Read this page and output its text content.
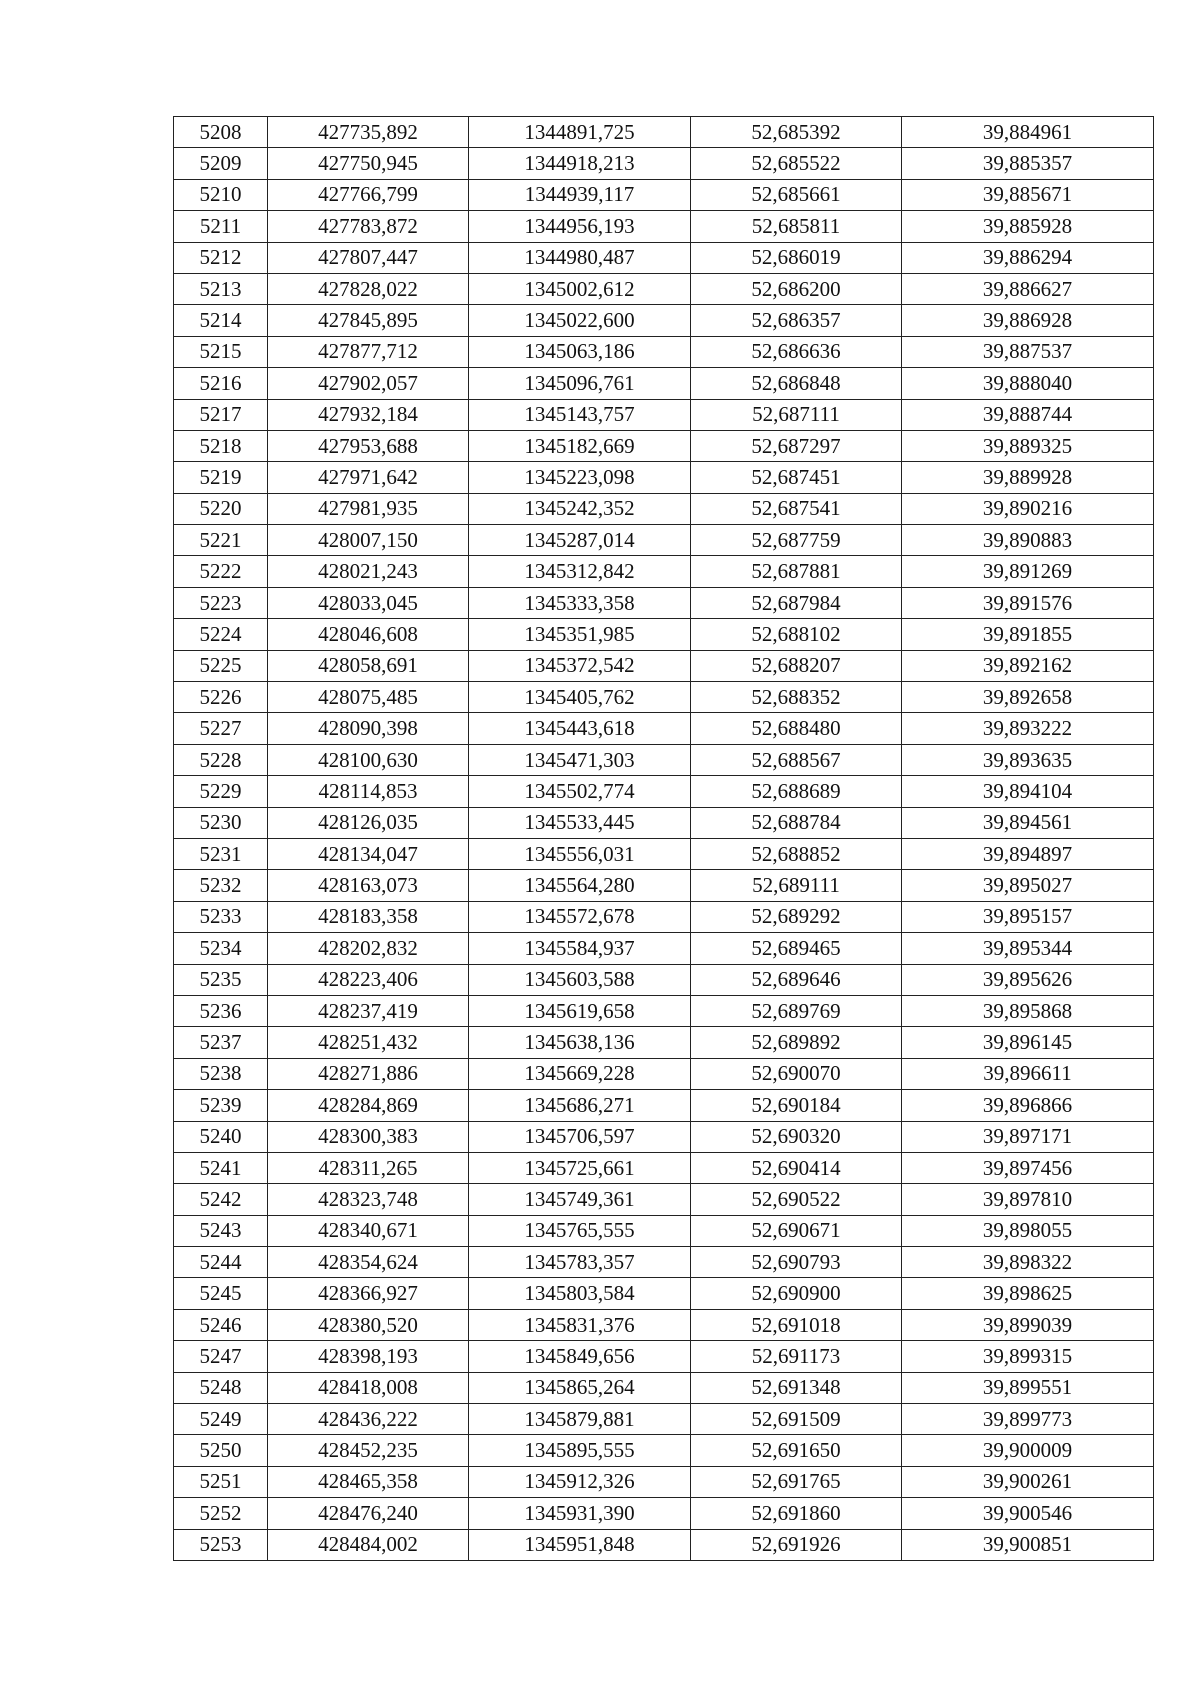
5208	427735,892	1344891,725	52,685392	39,884961
5209	427750,945	1344918,213	52,685522	39,885357
5210	427766,799	1344939,117	52,685661	39,885671
5211	427783,872	1344956,193	52,685811	39,885928
5212	427807,447	1344980,487	52,686019	39,886294
5213	427828,022	1345002,612	52,686200	39,886627
5214	427845,895	1345022,600	52,686357	39,886928
5215	427877,712	1345063,186	52,686636	39,887537
5216	427902,057	1345096,761	52,686848	39,888040
5217	427932,184	1345143,757	52,687111	39,888744
5218	427953,688	1345182,669	52,687297	39,889325
5219	427971,642	1345223,098	52,687451	39,889928
5220	427981,935	1345242,352	52,687541	39,890216
5221	428007,150	1345287,014	52,687759	39,890883
5222	428021,243	1345312,842	52,687881	39,891269
5223	428033,045	1345333,358	52,687984	39,891576
5224	428046,608	1345351,985	52,688102	39,891855
5225	428058,691	1345372,542	52,688207	39,892162
5226	428075,485	1345405,762	52,688352	39,892658
5227	428090,398	1345443,618	52,688480	39,893222
5228	428100,630	1345471,303	52,688567	39,893635
5229	428114,853	1345502,774	52,688689	39,894104
5230	428126,035	1345533,445	52,688784	39,894561
5231	428134,047	1345556,031	52,688852	39,894897
5232	428163,073	1345564,280	52,689111	39,895027
5233	428183,358	1345572,678	52,689292	39,895157
5234	428202,832	1345584,937	52,689465	39,895344
5235	428223,406	1345603,588	52,689646	39,895626
5236	428237,419	1345619,658	52,689769	39,895868
5237	428251,432	1345638,136	52,689892	39,896145
5238	428271,886	1345669,228	52,690070	39,896611
5239	428284,869	1345686,271	52,690184	39,896866
5240	428300,383	1345706,597	52,690320	39,897171
5241	428311,265	1345725,661	52,690414	39,897456
5242	428323,748	1345749,361	52,690522	39,897810
5243	428340,671	1345765,555	52,690671	39,898055
5244	428354,624	1345783,357	52,690793	39,898322
5245	428366,927	1345803,584	52,690900	39,898625
5246	428380,520	1345831,376	52,691018	39,899039
5247	428398,193	1345849,656	52,691173	39,899315
5248	428418,008	1345865,264	52,691348	39,899551
5249	428436,222	1345879,881	52,691509	39,899773
5250	428452,235	1345895,555	52,691650	39,900009
5251	428465,358	1345912,326	52,691765	39,900261
5252	428476,240	1345931,390	52,691860	39,900546
5253	428484,002	1345951,848	52,691926	39,900851
